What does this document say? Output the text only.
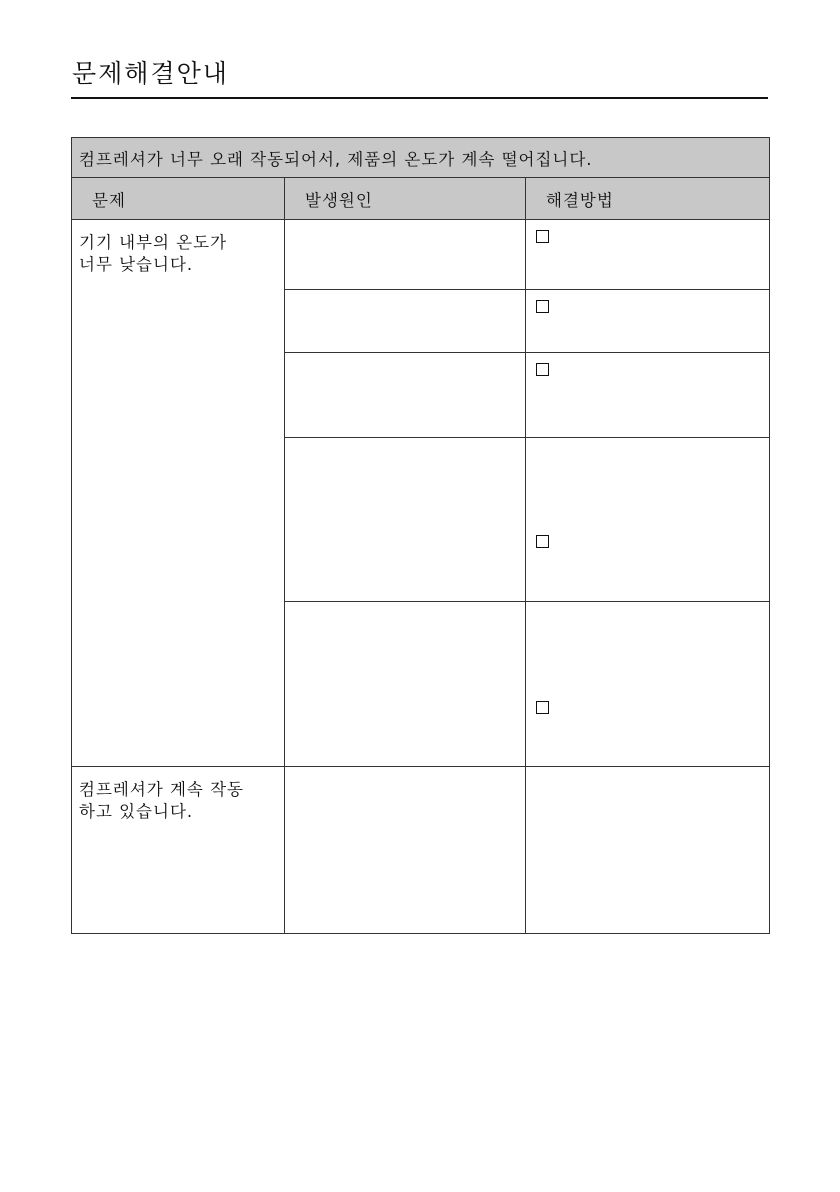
문제해결안내
컴프레셔가 너무 오래 작동되어서, 제품의 온도가 계속 떨어집니다.		
문제	발생원인	해결방법

기기 내부의 온도가
너무 낮습니다.		

컴프레셔가 계속 작동
하고 있습니다.		
